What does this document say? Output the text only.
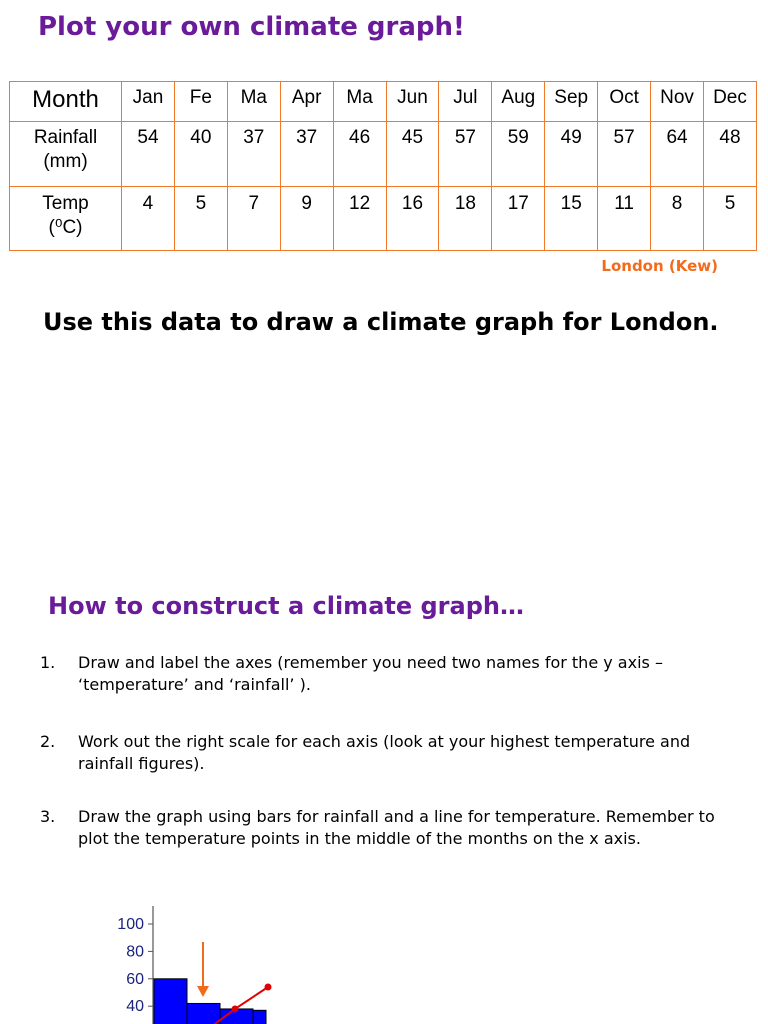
Plot your own climate graph!
Month	Jan	Fe	Ma	Apr	Ma	Jun	Jul	Aug	Sep	Oct	Nov	Dec

Rainfall
(mm)	54	40	37	37	46	45	57	59	49	57	64	48

Temp
(⁰C)	4	5	7	9	12	16	18	17	15	11	8	5
London (Kew)
Use this data to draw a climate graph for London.
How to construct a climate graph…
1. Draw and label the axes (remember you need two names for the y axis – ‘temperature’ and ‘rainfall’ ).
2. Work out the right scale for each axis (look at your highest temperature and rainfall figures).
3. Draw the graph using bars for rainfall and a line for temperature. Remember to plot the temperature points in the middle of the months on the x axis.
100
80
60
40
